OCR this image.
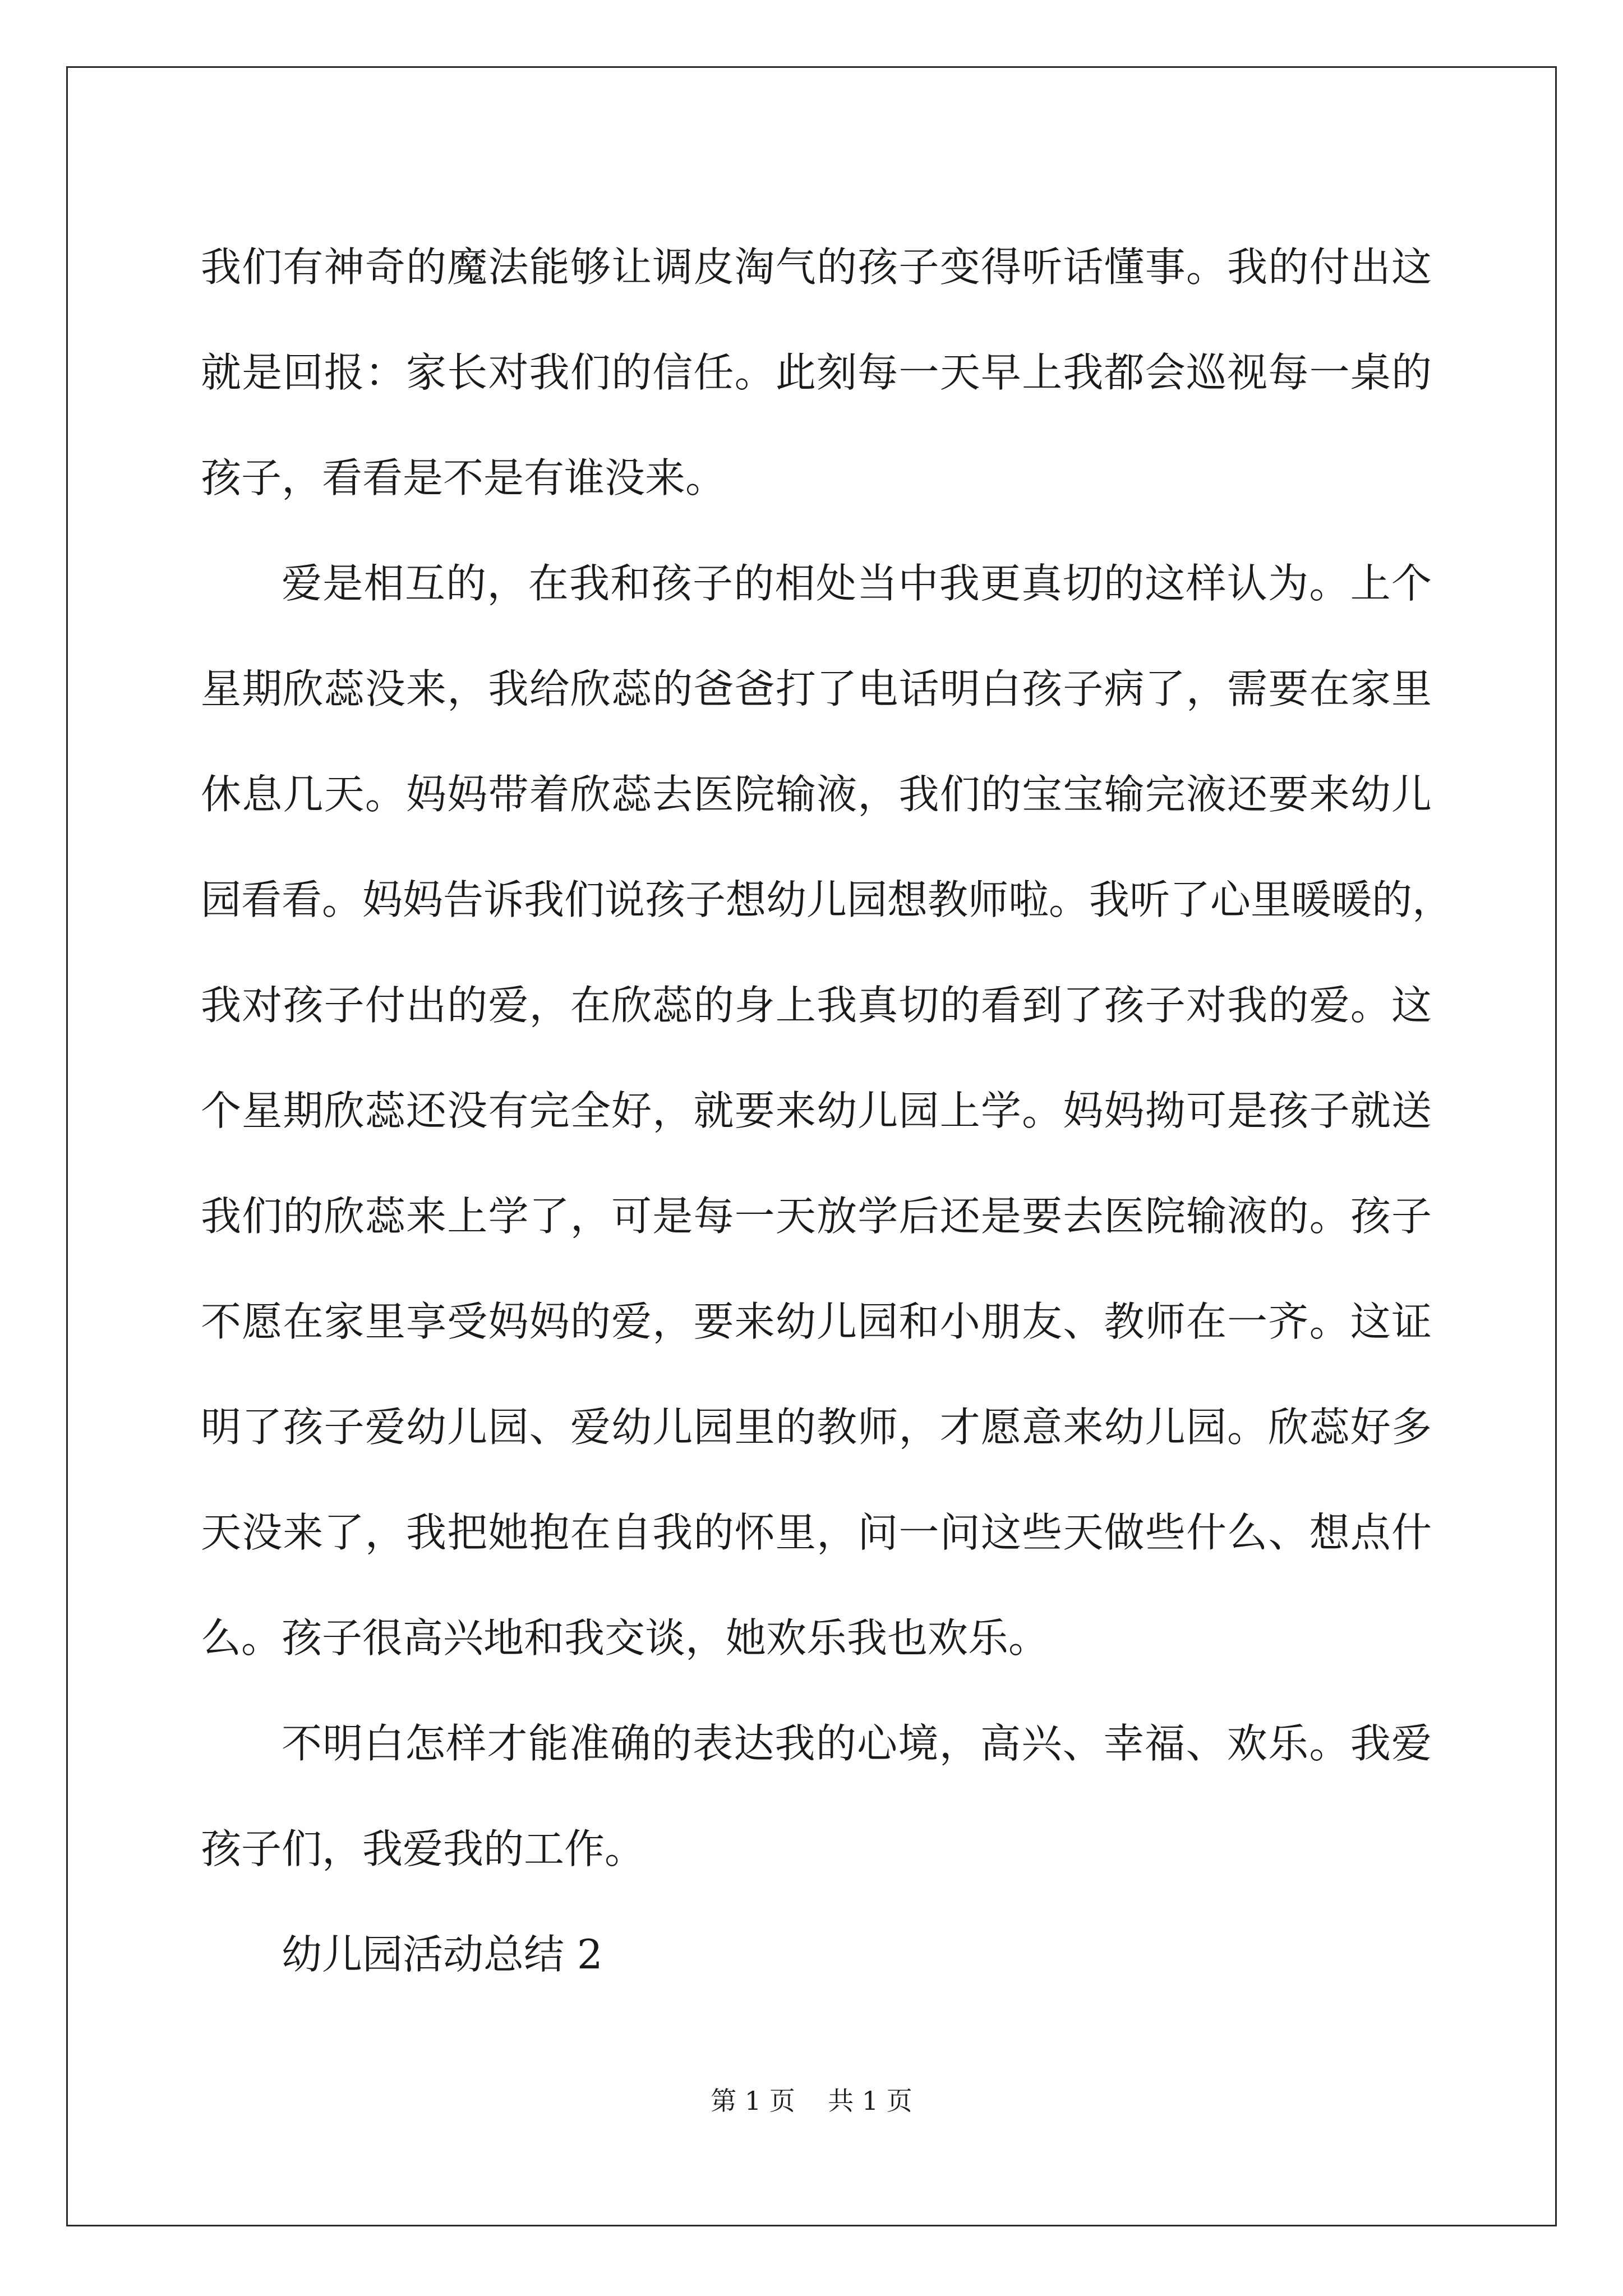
我们有神奇的魔法能够让调皮淘气的孩子变得听话懂事。我的付出这
就是回报：家长对我们的信任。此刻每一天早上我都会巡视每一桌的
孩子，看看是不是有谁没来。
爱是相互的，在我和孩子的相处当中我更真切的这样认为。上个
星期欣蕊没来，我给欣蕊的爸爸打了电话明白孩子病了，需要在家里
休息几天。妈妈带着欣蕊去医院输液，我们的宝宝输完液还要来幼儿
园看看。妈妈告诉我们说孩子想幼儿园想教师啦。我听了心里暖暖的，
我对孩子付出的爱，在欣蕊的身上我真切的看到了孩子对我的爱。这
个星期欣蕊还没有完全好，就要来幼儿园上学。妈妈拗可是孩子就送
我们的欣蕊来上学了，可是每一天放学后还是要去医院输液的。孩子
不愿在家里享受妈妈的爱，要来幼儿园和小朋友、教师在一齐。这证
明了孩子爱幼儿园、爱幼儿园里的教师，才愿意来幼儿园。欣蕊好多
天没来了，我把她抱在自我的怀里，问一问这些天做些什么、想点什
么。孩子很高兴地和我交谈，她欢乐我也欢乐。
不明白怎样才能准确的表达我的心境，高兴、幸福、欢乐。我爱
孩子们，我爱我的工作。
幼儿园活动总结 2
第 1 页    共 1 页
